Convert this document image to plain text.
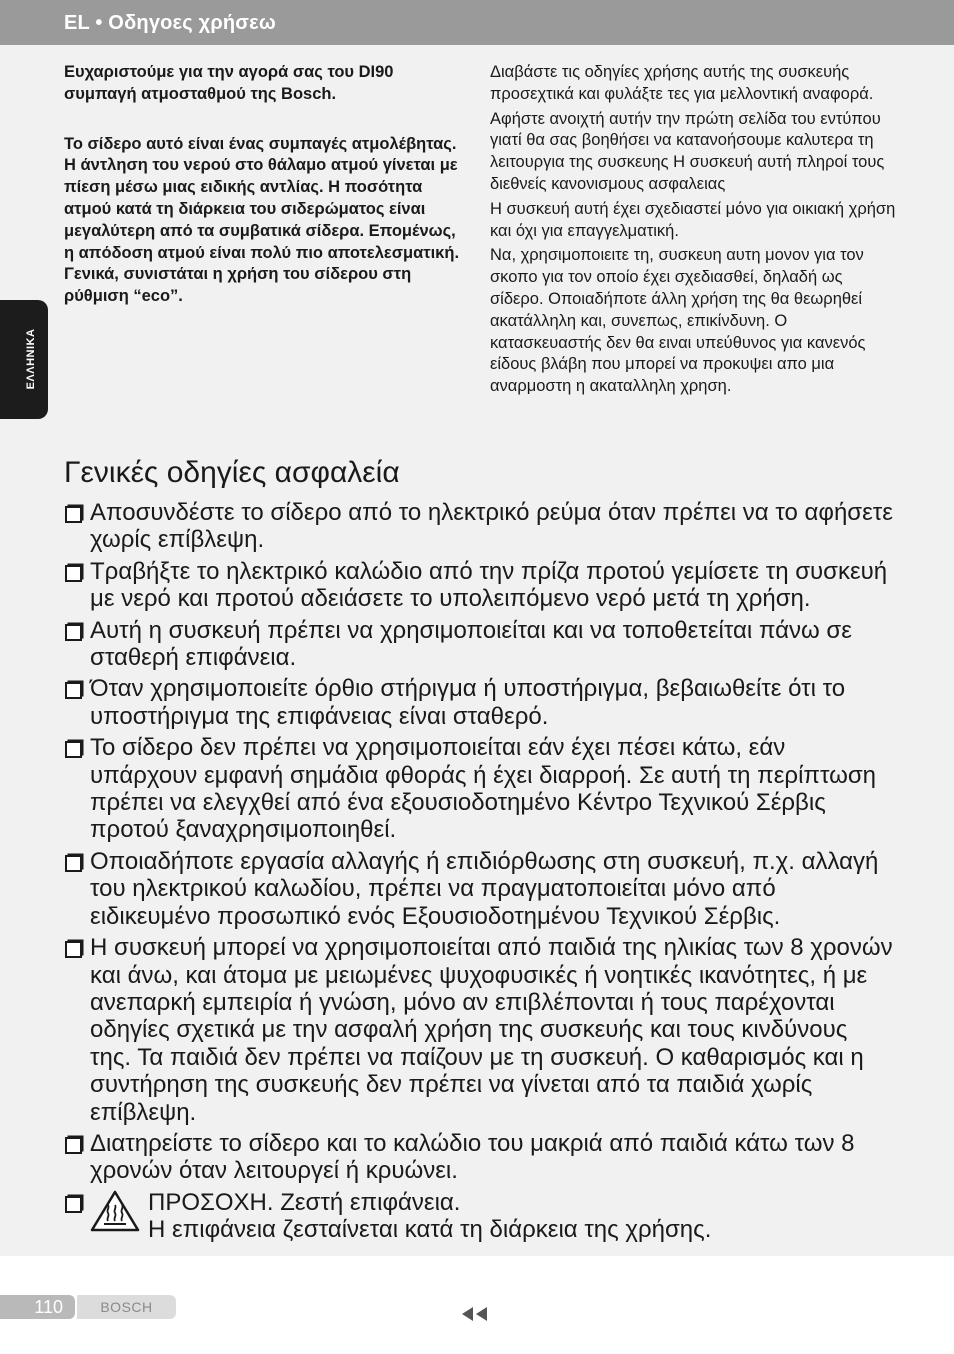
EL • Οδηγοες χρήσεω
ΕΛΛΗΝΙΚΑ

Ευχαριστούμε για την αγορά σας του DI90 συμπαγή ατμοσταθμού της Bosch.

Το σίδερο αυτό είναι ένας συμπαγές ατμολέβητας. Η άντληση του νερού στο θάλαμο ατμού γίνεται με πίεση μέσω μιας ειδικής αντλίας. Η ποσότητα ατμού κατά τη διάρκεια του σιδερώματος είναι μεγαλύτερη από τα συμβατικά σίδερα. Επομένως, η απόδοση ατμού είναι πολύ πιο αποτελεσματική. Γενικά, συνιστάται η χρήση του σίδερου στη ρύθμιση “eco”.

Διαβάστε τις οδηγίες χρήσης αυτής της συσκευής προσεχτικά και φυλάξτε τες για μελλοντική αναφορά.

Αφήστε ανοιχτή αυτήν την πρώτη σελίδα του εντύπου γιατί θα σας βοηθήσει να κατανοήσουμε καλυτερα τη λειτουργια της συσκευης Η συσκευή αυτή πληροί τους διεθνείς κανονισμους ασφαλειας

Η συσκευή αυτή έχει σχεδιαστεί μόνο για οικιακή χρήση και όχι για επαγγελματική.

Να, χρησιμοποιειτε τη, συσκευη αυτη μονον για τον σκοπο για τον οποίο έχει σχεδιασθεί, δηλαδή ως σίδερο. Οποιαδήποτε άλλη χρήση της θα θεωρηθεί ακατάλληλη και, συνεπως, επικίνδυνη. Ο κατασκευαστής δεν θα ειναι υπεύθυνος για κανενός είδους βλάβη που μπορεί να προκυψει απο μια αναρμοστη η ακαταλληλη χρηση.

Γενικές οδηγίες ασφαλεία
Αποσυνδέστε το σίδερο από το ηλεκτρικό ρεύμα όταν πρέπει να το αφήσετε χωρίς επίβλεψη.
Τραβήξτε το ηλεκτρικό καλώδιο από την πρίζα προτού γεμίσετε τη συσκευή με νερό και προτού αδειάσετε το υπολειπόμενο νερό μετά τη χρήση.
Αυτή η συσκευή πρέπει να χρησιμοποιείται και να τοποθετείται πάνω σε σταθερή επιφάνεια.
Όταν χρησιμοποιείτε όρθιο στήριγμα ή υποστήριγμα, βεβαιωθείτε ότι το υποστήριγμα της επιφάνειας είναι σταθερό.
Το σίδερο δεν πρέπει να χρησιμοποιείται εάν έχει πέσει κάτω, εάν υπάρχουν εμφανή σημάδια φθοράς ή έχει διαρροή. Σε αυτή τη περίπτωση πρέπει να ελεγχθεί από ένα εξουσιοδοτημένο Κέντρο Τεχνικού Σέρβις προτού ξαναχρησιμοποιηθεί.
Οποιαδήποτε εργασία αλλαγής ή επιδιόρθωσης στη συσκευή, π.χ. αλλαγή του ηλεκτρικού καλωδίου, πρέπει να πραγματοποιείται μόνο από ειδικευμένο προσωπικό ενός Εξουσιοδοτημένου Τεχνικού Σέρβις.
Η συσκευή μπορεί να χρησιμοποιείται από παιδιά της ηλικίας των 8 χρονών και άνω, και άτομα με μειωμένες ψυχοφυσικές ή νοητικές ικανότητες, ή με ανεπαρκή εμπειρία ή γνώση, μόνο αν επιβλέπονται ή τους παρέχονται οδηγίες σχετικά με την ασφαλή χρήση της συσκευής και τους κινδύνους της. Τα παιδιά δεν πρέπει να παίζουν με τη συσκευή. Ο καθαρισμός και η συντήρηση της συσκευής δεν πρέπει να γίνεται από τα παιδιά χωρίς επίβλεψη.
Διατηρείστε το σίδερο και το καλώδιο του μακριά από παιδιά κάτω των 8 χρονών όταν λειτουργεί ή κρυώνει.
ΠΡΟΣΟΧΗ. Ζεστή επιφάνεια.
Η επιφάνεια ζεσταίνεται κατά τη διάρκεια της χρήσης.
110	BOSCH
